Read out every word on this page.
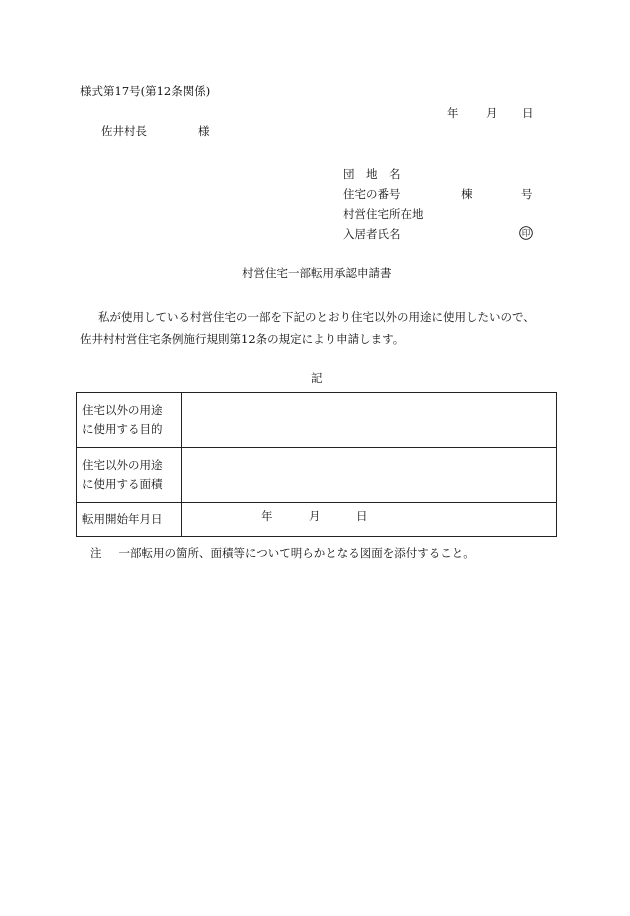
様式第17号(第12条関係)
年 月 日
佐井村長	様
団　地　名
住宅の番号	棟	号
村営住宅所在地
入居者氏名	印
村営住宅一部転用承認申請書
私が使用している村営住宅の一部を下記のとおり住宅以外の用途に使用したいので、
佐井村村営住宅条例施行規則第12条の規定により申請します。
記
住宅以外の用途
に使用する目的	

住宅以外の用途
に使用する面積	

転用開始年月日	年 月 日
注 一部転用の箇所、面積等について明らかとなる図面を添付すること。
